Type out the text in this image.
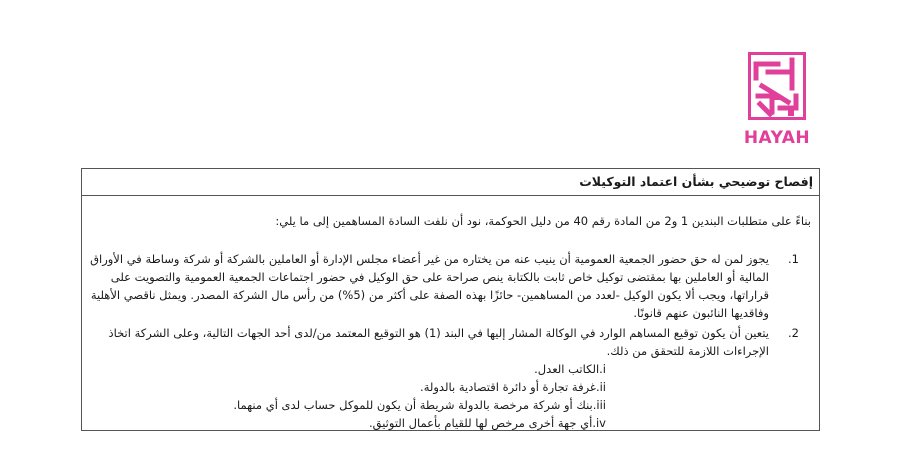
HAYAH
إفصاح توضيحي بشأن اعتماد التوكيلات
بناءً على متطلبات البندين 1 و2 من المادة رقم 40 من دليل الحوكمة، نود أن نلفت السادة المساهمين إلى ما يلي:
1.
يجوز لمن له حق حضور الجمعية العمومية أن ينيب عنه من يختاره من غير أعضاء مجلس الإدارة أو العاملين بالشركة أو شركة وساطة في الأوراق المالية أو العاملين بها بمقتضى توكيل خاص ثابت بالكتابة ينص صراحة على حق الوكيل في حضور اجتماعات الجمعية العمومية والتصويت على قراراتها، ويجب ألا يكون الوكيل -لعدد من المساهمين- حائزًا بهذه الصفة على أكثر من (5%) من رأس مال الشركة المصدر. ويمثل ناقصي الأهلية وفاقديها النائبون عنهم قانونًا.
2.
يتعين أن يكون توقيع المساهم الوارد في الوكالة المشار إليها في البند (1) هو التوقيع المعتمد من/لدى أحد الجهات التالية، وعلى الشركة اتخاذ الإجراءات اللازمة للتحقق من ذلك.
i.الكاتب العدل.
ii.غرفة تجارة أو دائرة اقتصادية بالدولة.
iii.بنك أو شركة مرخصة بالدولة شريطة أن يكون للموكل حساب لدى أي منهما.
iv.أي جهة أخرى مرخص لها للقيام بأعمال التوثيق.
